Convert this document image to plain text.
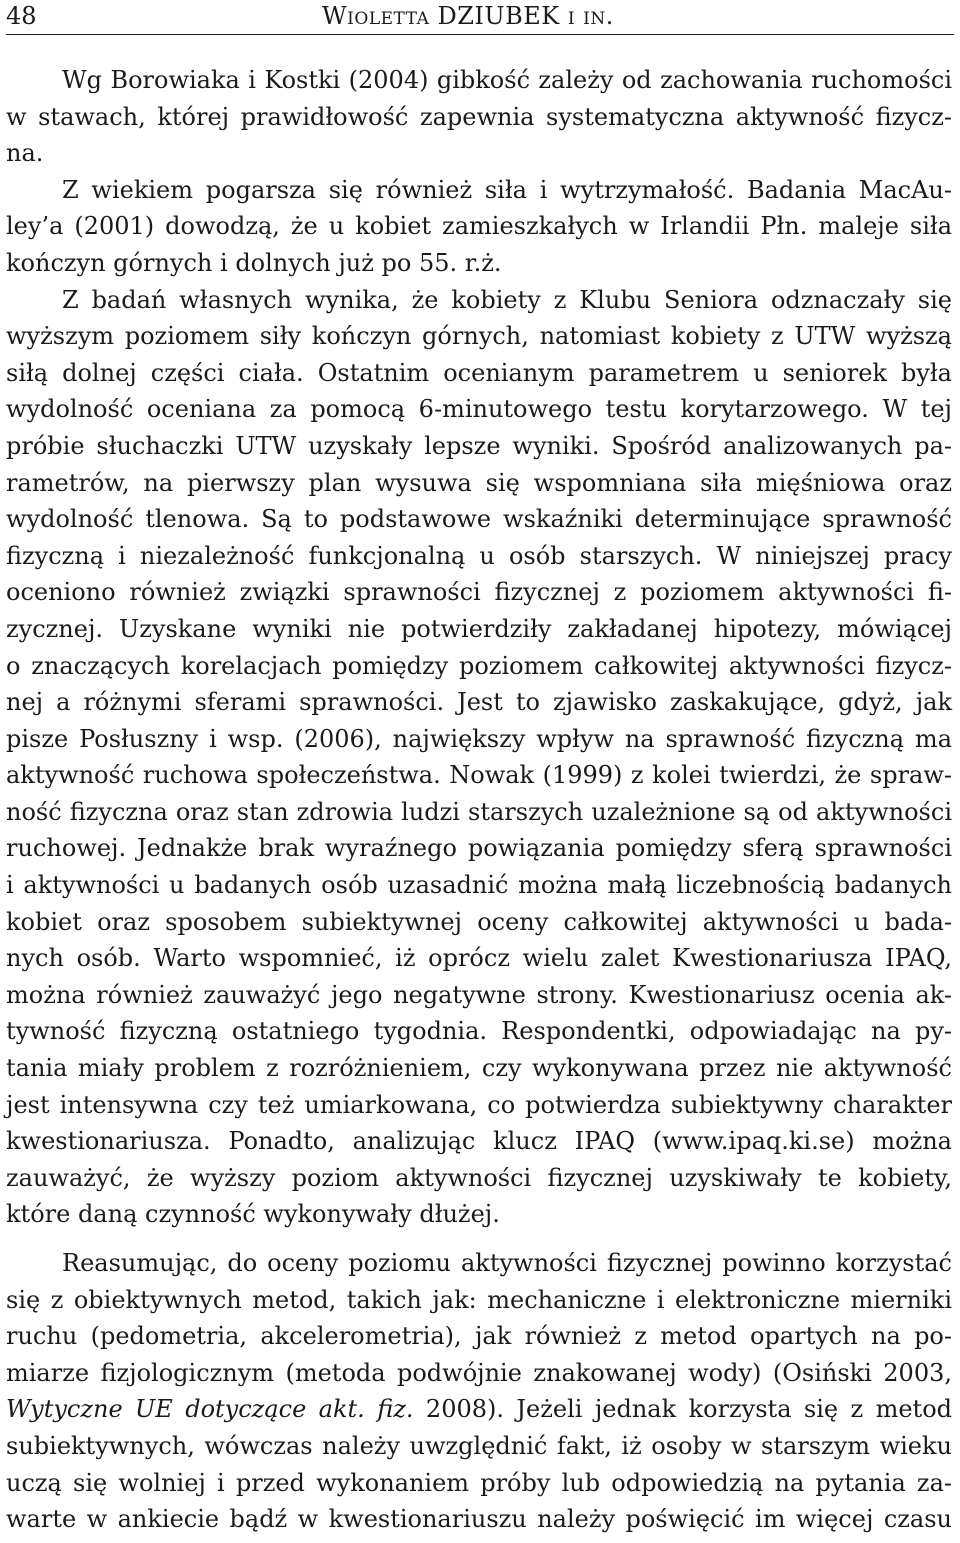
48	Wioletta DZIUBEK i in.
Wg Borowiaka i Kostki (2004) gibkość zależy od zachowania ruchomości
w stawach, której prawidłowość zapewnia systematyczna aktywność fizycz-
na.
Z wiekiem pogarsza się również siła i wytrzymałość. Badania MacAu-
ley’a (2001) dowodzą, że u kobiet zamieszkałych w Irlandii Płn. maleje siła
kończyn górnych i dolnych już po 55. r.ż.
Z badań własnych wynika, że kobiety z Klubu Seniora odznaczały się
wyższym poziomem siły kończyn górnych, natomiast kobiety z UTW wyższą
siłą dolnej części ciała. Ostatnim ocenianym parametrem u seniorek była
wydolność oceniana za pomocą 6-minutowego testu korytarzowego. W tej
próbie słuchaczki UTW uzyskały lepsze wyniki. Spośród analizowanych pa-
rametrów, na pierwszy plan wysuwa się wspomniana siła mięśniowa oraz
wydolność tlenowa. Są to podstawowe wskaźniki determinujące sprawność
fizyczną i niezależność funkcjonalną u osób starszych. W niniejszej pracy
oceniono również związki sprawności fizycznej z poziomem aktywności fi-
zycznej. Uzyskane wyniki nie potwierdziły zakładanej hipotezy, mówiącej
o znaczących korelacjach pomiędzy poziomem całkowitej aktywności fizycz-
nej a różnymi sferami sprawności. Jest to zjawisko zaskakujące, gdyż, jak
pisze Posłuszny i wsp. (2006), największy wpływ na sprawność fizyczną ma
aktywność ruchowa społeczeństwa. Nowak (1999) z kolei twierdzi, że spraw-
ność fizyczna oraz stan zdrowia ludzi starszych uzależnione są od aktywności
ruchowej. Jednakże brak wyraźnego powiązania pomiędzy sferą sprawności
i aktywności u badanych osób uzasadnić można małą liczebnością badanych
kobiet oraz sposobem subiektywnej oceny całkowitej aktywności u bada-
nych osób. Warto wspomnieć, iż oprócz wielu zalet Kwestionariusza IPAQ,
można również zauważyć jego negatywne strony. Kwestionariusz ocenia ak-
tywność fizyczną ostatniego tygodnia. Respondentki, odpowiadając na py-
tania miały problem z rozróżnieniem, czy wykonywana przez nie aktywność
jest intensywna czy też umiarkowana, co potwierdza subiektywny charakter
kwestionariusza. Ponadto, analizując klucz IPAQ (www.ipaq.ki.se) można
zauważyć, że wyższy poziom aktywności fizycznej uzyskiwały te kobiety,
które daną czynność wykonywały dłużej.
Reasumując, do oceny poziomu aktywności fizycznej powinno korzystać
się z obiektywnych metod, takich jak: mechaniczne i elektroniczne mierniki
ruchu (pedometria, akcelerometria), jak również z metod opartych na po-
miarze fizjologicznym (metoda podwójnie znakowanej wody) (Osiński 2003,
Wytyczne UE dotyczące akt. fiz. 2008). Jeżeli jednak korzysta się z metod
subiektywnych, wówczas należy uwzględnić fakt, iż osoby w starszym wieku
uczą się wolniej i przed wykonaniem próby lub odpowiedzią na pytania za-
warte w ankiecie bądź w kwestionariuszu należy poświęcić im więcej czasu
